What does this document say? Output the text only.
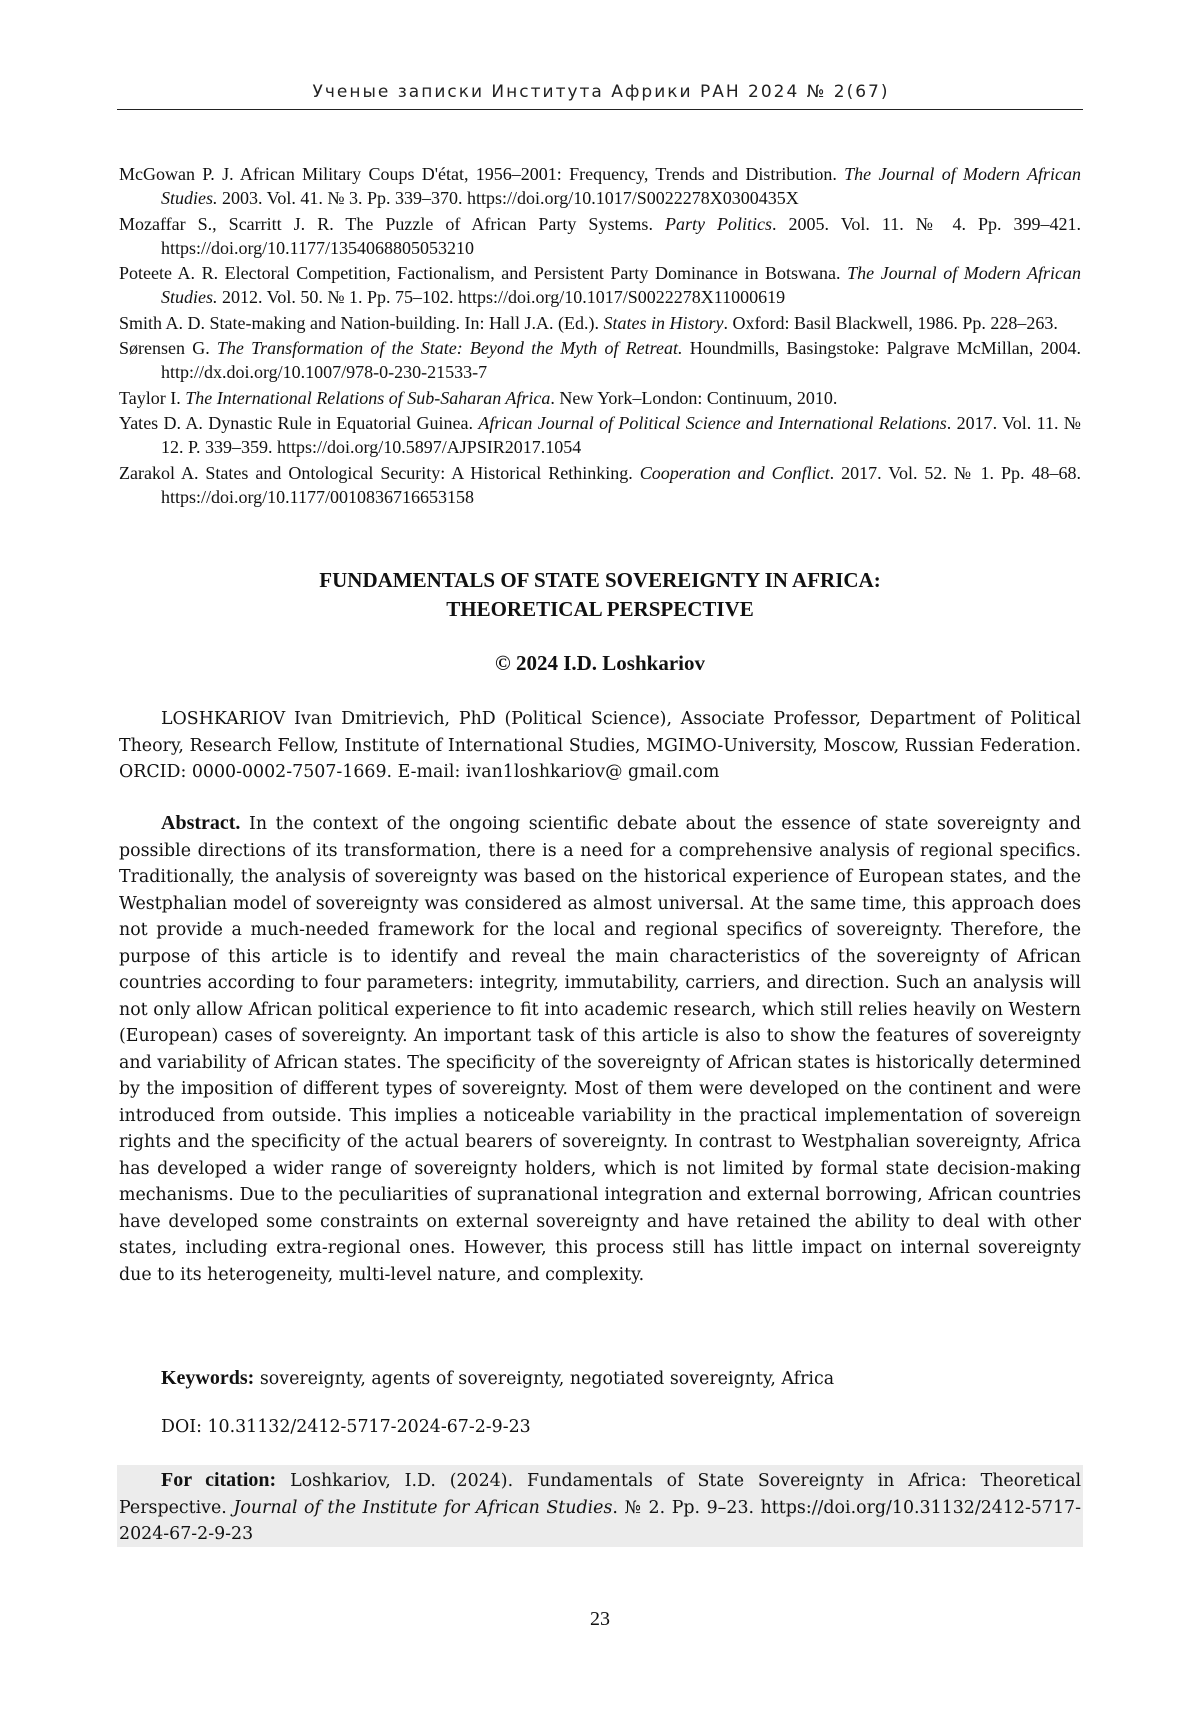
Ученые записки Института Африки РАН 2024 № 2(67)

McGowan P. J. African Military Coups D'état, 1956–2001: Frequency, Trends and Distribution. The Journal of Modern African Studies. 2003. Vol. 41. № 3. Pp. 339–370. https://doi.org/10.1017/S0022278X0300435X

Mozaffar S., Scarritt J. R. The Puzzle of African Party Systems. Party Politics. 2005. Vol. 11. № 4. Pp. 399–421. https://doi.org/10.1177/1354068805053210

Poteete A. R. Electoral Competition, Factionalism, and Persistent Party Dominance in Botswana. The Journal of Modern African Studies. 2012. Vol. 50. № 1. Pp. 75–102. https://doi.org/10.1017/S0022278X11000619

Smith A. D. State-making and Nation-building. In: Hall J.A. (Ed.). States in History. Oxford: Basil Blackwell, 1986. Pp. 228–263.

Sørensen G. The Transformation of the State: Beyond the Myth of Retreat. Houndmills, Basingstoke: Palgrave McMillan, 2004. http://dx.doi.org/10.1007/978-0-230-21533-7

Taylor I. The International Relations of Sub-Saharan Africa. New York–London: Continuum, 2010.

Yates D. A. Dynastic Rule in Equatorial Guinea. African Journal of Political Science and International Relations. 2017. Vol. 11. № 12. P. 339–359. https://doi.org/10.5897/AJPSIR2017.1054

Zarakol A. States and Ontological Security: A Historical Rethinking. Cooperation and Conflict. 2017. Vol. 52. № 1. Pp. 48–68. https://doi.org/10.1177/0010836716653158

FUNDAMENTALS OF STATE SOVEREIGNTY IN AFRICA:
THEORETICAL PERSPECTIVE
© 2024 I.D. Loshkariov

LOSHKARIOV Ivan Dmitrievich, PhD (Political Science), Associate Professor, Department of Political Theory, Research Fellow, Institute of International Studies, MGIMO-University, Moscow, Russian Federation. ORCID: 0000-0002-7507-1669. E-mail: ivan1loshkariov@ gmail.com

Abstract. In the context of the ongoing scientific debate about the essence of state sovereignty and possible directions of its transformation, there is a need for a comprehensive analysis of regional specifics. Traditionally, the analysis of sovereignty was based on the historical experience of European states, and the Westphalian model of sovereignty was considered as almost universal. At the same time, this approach does not provide a much-needed framework for the local and regional specifics of sovereignty. Therefore, the purpose of this article is to identify and reveal the main characteristics of the sovereignty of African countries according to four parameters: integrity, immutability, carriers, and direction. Such an analysis will not only allow African political experience to fit into academic research, which still relies heavily on Western (European) cases of sovereignty. An important task of this article is also to show the features of sovereignty and variability of African states. The specificity of the sovereignty of African states is historically determined by the imposition of different types of sovereignty. Most of them were developed on the continent and were introduced from outside. This implies a noticeable variability in the practical implementation of sovereign rights and the specificity of the actual bearers of sovereignty. In contrast to Westphalian sovereignty, Africa has developed a wider range of sovereignty holders, which is not limited by formal state decision-making mechanisms. Due to the peculiarities of supranational integration and external borrowing, African countries have developed some constraints on external sovereignty and have retained the ability to deal with other states, including extra-regional ones. However, this process still has little impact on internal sovereignty due to its heterogeneity, multi-level nature, and complexity.

Keywords: sovereignty, agents of sovereignty, negotiated sovereignty, Africa
DOI: 10.31132/2412-5717-2024-67-2-9-23

For citation: Loshkariov, I.D. (2024). Fundamentals of State Sovereignty in Africa: Theoretical Perspective. Journal of the Institute for African Studies. № 2. Pp. 9–23. https://doi.org/10.31132/2412-5717-2024-67-2-9-23

23
